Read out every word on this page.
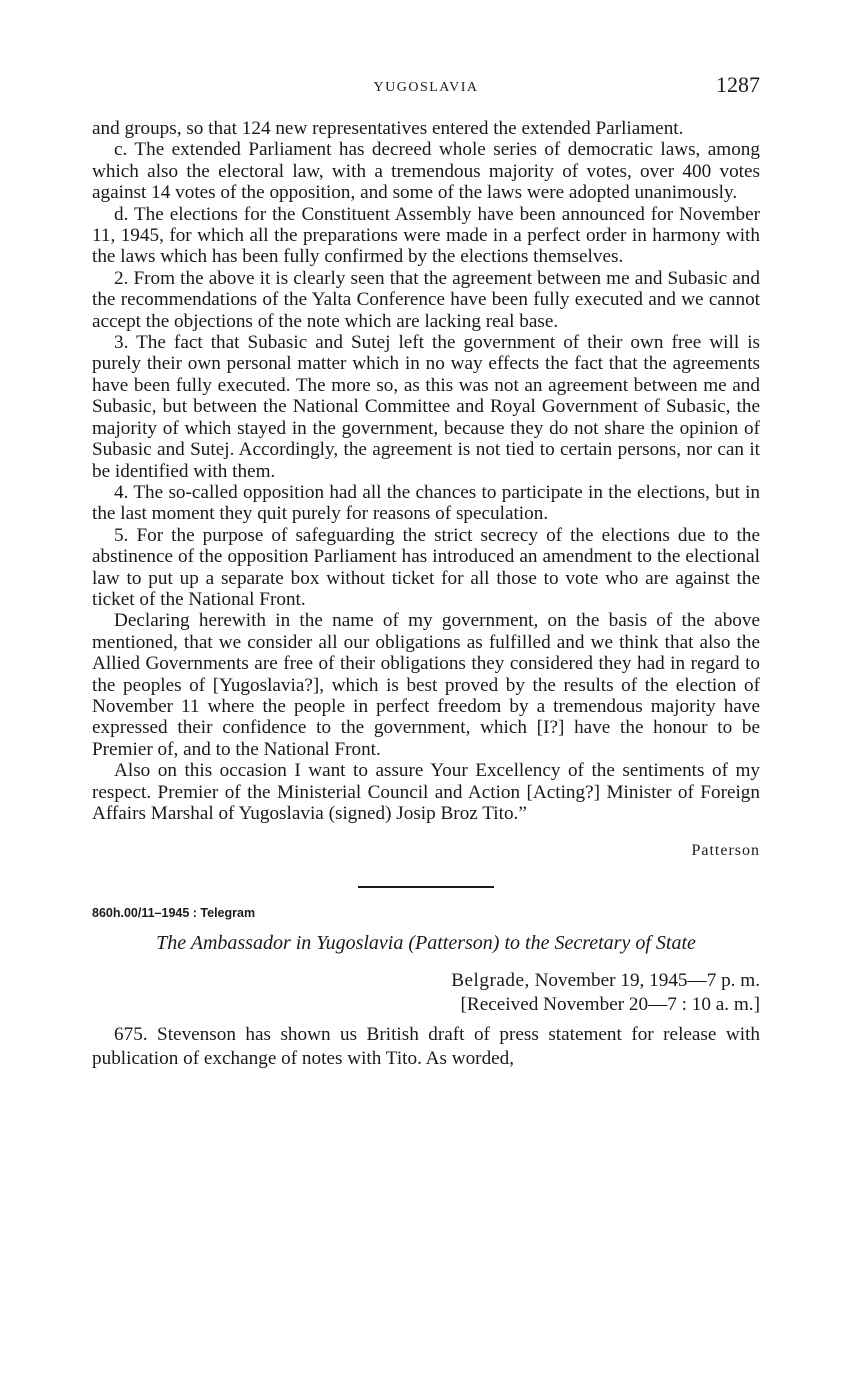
YUGOSLAVIA	1287

and groups, so that 124 new representatives entered the extended Parliament.

c. The extended Parliament has decreed whole series of democratic laws, among which also the electoral law, with a tremendous majority of votes, over 400 votes against 14 votes of the opposition, and some of the laws were adopted unanimously.

d. The elections for the Constituent Assembly have been announced for November 11, 1945, for which all the preparations were made in a perfect order in harmony with the laws which has been fully confirmed by the elections themselves.

2. From the above it is clearly seen that the agreement between me and Subasic and the recommendations of the Yalta Conference have been fully executed and we cannot accept the objections of the note which are lacking real base.

3. The fact that Subasic and Sutej left the government of their own free will is purely their own personal matter which in no way effects the fact that the agreements have been fully executed. The more so, as this was not an agreement between me and Subasic, but between the National Committee and Royal Government of Subasic, the majority of which stayed in the government, because they do not share the opinion of Subasic and Sutej. Accordingly, the agreement is not tied to certain persons, nor can it be identified with them.

4. The so-called opposition had all the chances to participate in the elections, but in the last moment they quit purely for reasons of speculation.

5. For the purpose of safeguarding the strict secrecy of the elections due to the abstinence of the opposition Parliament has introduced an amendment to the electional law to put up a separate box without ticket for all those to vote who are against the ticket of the National Front.

Declaring herewith in the name of my government, on the basis of the above mentioned, that we consider all our obligations as fulfilled and we think that also the Allied Governments are free of their obligations they considered they had in regard to the peoples of [Yugoslavia?], which is best proved by the results of the election of November 11 where the people in perfect freedom by a tremendous majority have expressed their confidence to the government, which [I?] have the honour to be Premier of, and to the National Front.

Also on this occasion I want to assure Your Excellency of the sentiments of my respect. Premier of the Ministerial Council and Action [Acting?] Minister of Foreign Affairs Marshal of Yugoslavia (signed) Josip Broz Tito.”

Patterson
860h.00/11–1945 : Telegram
The Ambassador in Yugoslavia (Patterson) to the Secretary of State
Belgrade, November 19, 1945—7 p. m.
[Received November 20—7 : 10 a. m.]

675. Stevenson has shown us British draft of press statement for release with publication of exchange of notes with Tito. As worded,
